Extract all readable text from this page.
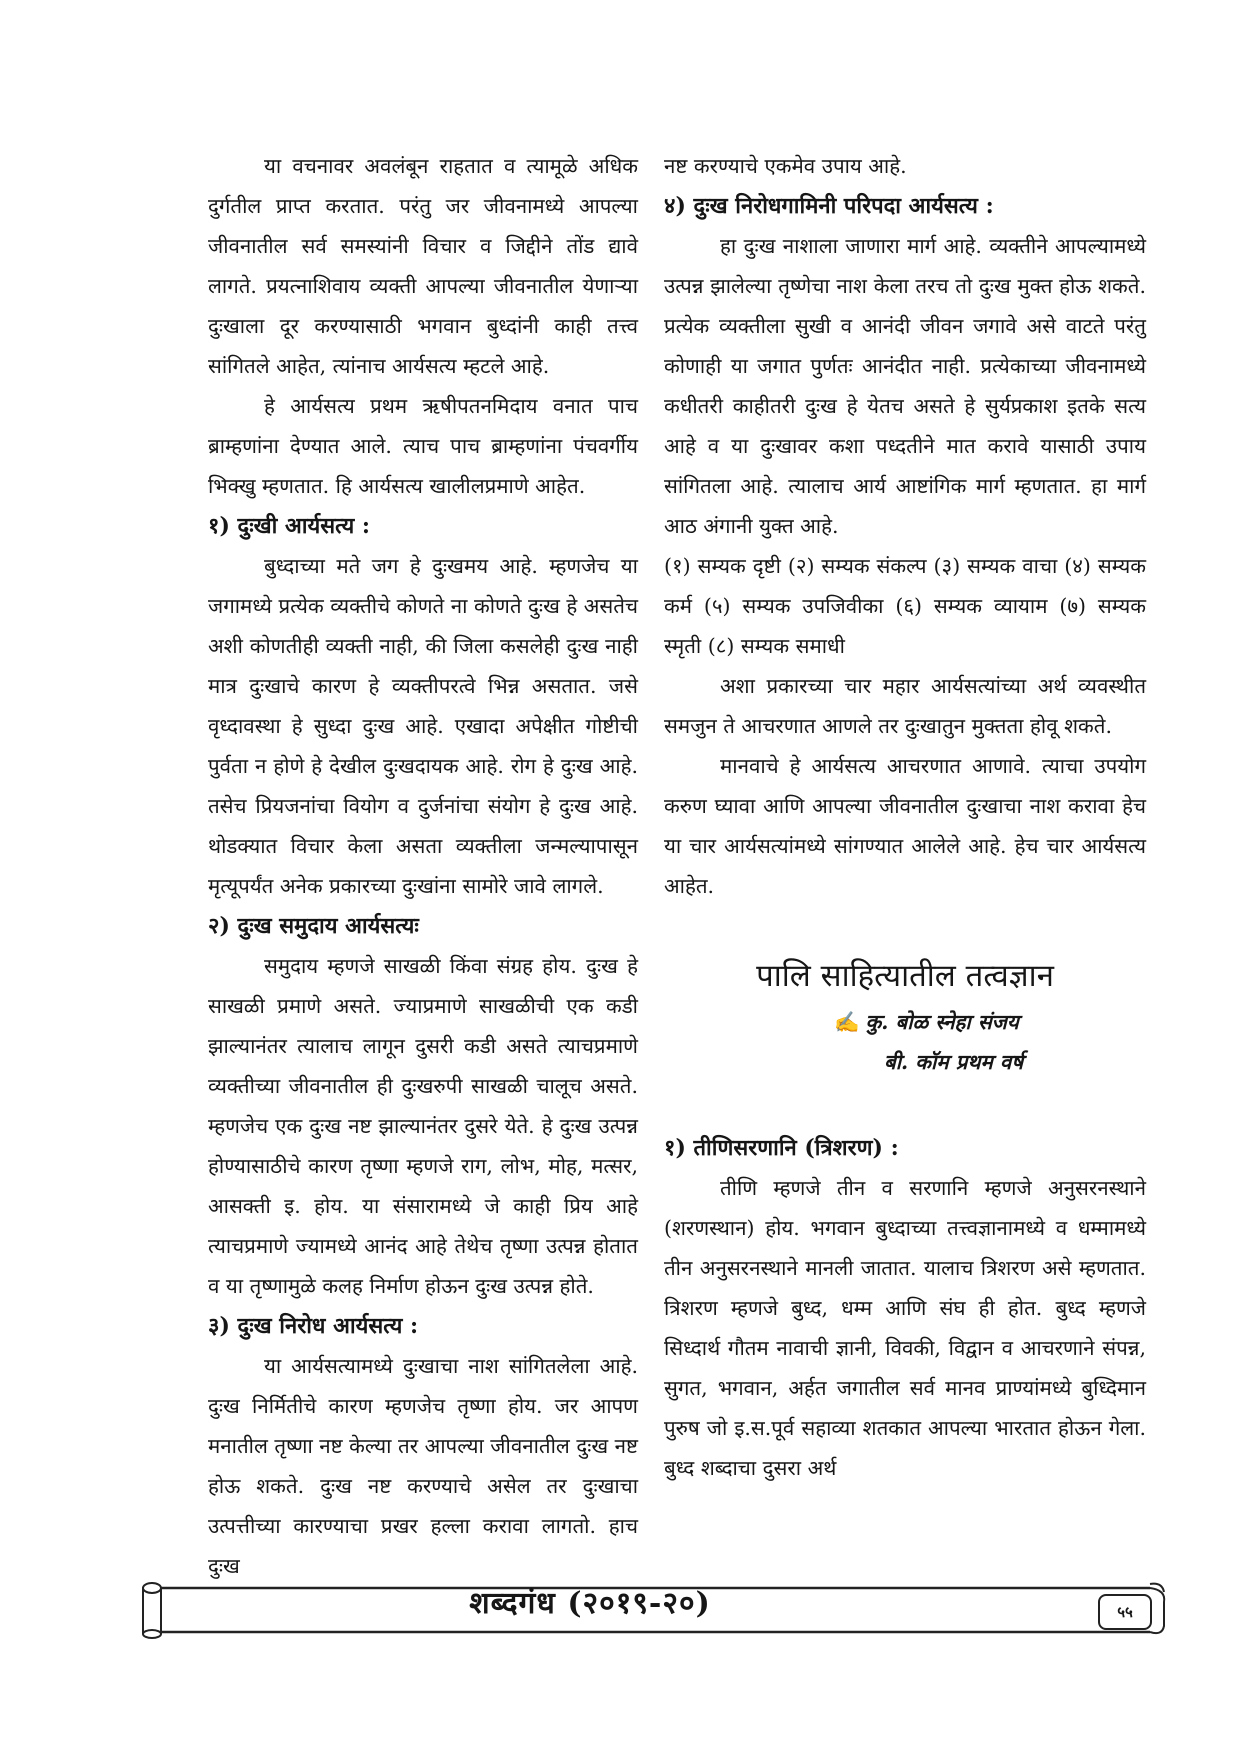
या वचनावर अवलंबून राहतात व त्यामूळे अधिक दुर्गतील प्राप्त करतात. परंतु जर जीवनामध्ये आपल्या जीवनातील सर्व समस्यांनी विचार व जिद्दीने तोंड द्यावे लागते. प्रयत्नाशिवाय व्यक्ती आपल्या जीवनातील येणाऱ्या दुःखाला दूर करण्यासाठी भगवान बुध्दांनी काही तत्त्व सांगितले आहेत, त्यांनाच आर्यसत्य म्हटले आहे.

हे आर्यसत्य प्रथम ऋषीपतनमिदाय वनात पाच ब्राम्हणांना देण्यात आले. त्याच पाच ब्राम्हणांना पंचवर्गीय भिक्खु म्हणतात. हि आर्यसत्य खालीलप्रमाणे आहेत.

१) दुःखी आर्यसत्य :

बुध्दाच्या मते जग हे दुःखमय आहे. म्हणजेच या जगामध्ये प्रत्येक व्यक्तीचे कोणते ना कोणते दुःख हे असतेच अशी कोणतीही व्यक्ती नाही, की जिला कसलेही दुःख नाही मात्र दुःखाचे कारण हे व्यक्तीपरत्वे भिन्न असतात. जसे वृध्दावस्था हे सुध्दा दुःख आहे. एखादा अपेक्षीत गोष्टीची पुर्वता न होणे हे देखील दुःखदायक आहे. रोग हे दुःख आहे. तसेच प्रियजनांचा वियोग व दुर्जनांचा संयोग हे दुःख आहे. थोडक्यात विचार केला असता व्यक्तीला जन्मल्यापासून मृत्यूपर्यंत अनेक प्रकारच्या दुःखांना सामोरे जावे लागले.

२) दुःख समुदाय आर्यसत्यः

समुदाय म्हणजे साखळी किंवा संग्रह होय. दुःख हे साखळी प्रमाणे असते. ज्याप्रमाणे साखळीची एक कडी झाल्यानंतर त्यालाच लागून दुसरी कडी असते त्याचप्रमाणे व्यक्तीच्या जीवनातील ही दुःखरुपी साखळी चालूच असते. म्हणजेच एक दुःख नष्ट झाल्यानंतर दुसरे येते. हे दुःख उत्पन्न होण्यासाठीचे कारण तृष्णा म्हणजे राग, लोभ, मोह, मत्सर, आसक्ती इ. होय. या संसारामध्ये जे काही प्रिय आहे त्याचप्रमाणे ज्यामध्ये आनंद आहे तेथेच तृष्णा उत्पन्न होतात व या तृष्णामुळे कलह निर्माण होऊन दुःख उत्पन्न होते.

३) दुःख निरोध आर्यसत्य :

या आर्यसत्यामध्ये दुःखाचा नाश सांगितलेला आहे. दुःख निर्मितीचे कारण म्हणजेच तृष्णा होय. जर आपण मनातील तृष्णा नष्ट केल्या तर आपल्या जीवनातील दुःख नष्ट होऊ शकते. दुःख नष्ट करण्याचे असेल तर दुःखाचा उत्पत्तीच्या कारण्याचा प्रखर हल्ला करावा लागतो. हाच दुःख

नष्ट करण्याचे एकमेव उपाय आहे.

४) दुःख निरोधगामिनी परिपदा आर्यसत्य :

हा दुःख नाशाला जाणारा मार्ग आहे. व्यक्तीने आपल्यामध्ये उत्पन्न झालेल्या तृष्णेचा नाश केला तरच तो दुःख मुक्त होऊ शकते. प्रत्येक व्यक्तीला सुखी व आनंदी जीवन जगावे असे वाटते परंतु कोणाही या जगात पुर्णतः आनंदीत नाही. प्रत्येकाच्या जीवनामध्ये कधीतरी काहीतरी दुःख हे येतच असते हे सुर्यप्रकाश इतके सत्य आहे व या दुःखावर कशा पध्दतीने मात करावे यासाठी उपाय सांगितला आहे. त्यालाच आर्य आष्टांगिक मार्ग म्हणतात. हा मार्ग आठ अंगानी युक्त आहे.

(१) सम्यक दृष्टी (२) सम्यक संकल्प (३) सम्यक वाचा (४) सम्यक कर्म (५) सम्यक उपजिवीका (६) सम्यक व्यायाम (७) सम्यक स्मृती (८) सम्यक समाधी

अशा प्रकारच्या चार महार आर्यसत्यांच्या अर्थ व्यवस्थीत समजुन ते आचरणात आणले तर दुःखातुन मुक्तता होवू शकते.

मानवाचे हे आर्यसत्य आचरणात आणावे. त्याचा उपयोग करुण घ्यावा आणि आपल्या जीवनातील दुःखाचा नाश करावा हेच या चार आर्यसत्यांमध्ये सांगण्यात आलेले आहे. हेच चार आर्यसत्य आहेत.

पालि साहित्यातील तत्वज्ञान

✍ कु. बोळ स्नेहा संजय

बी. कॉम प्रथम वर्ष

१) तीणिसरणानि (त्रिशरण) :

तीणि म्हणजे तीन व सरणानि म्हणजे अनुसरनस्थाने (शरणस्थान) होय. भगवान बुध्दाच्या तत्त्वज्ञानामध्ये व धम्मामध्ये तीन अनुसरनस्थाने मानली जातात. यालाच त्रिशरण असे म्हणतात. त्रिशरण म्हणजे बुध्द, धम्म आणि संघ ही होत. बुध्द म्हणजे सिध्दार्थ गौतम नावाची ज्ञानी, विवकी, विद्वान व आचरणाने संपन्न, सुगत, भगवान, अर्हत जगातील सर्व मानव प्राण्यांमध्ये बुध्दिमान पुरुष जो इ.स.पूर्व सहाव्या शतकात आपल्या भारतात होऊन गेला. बुध्द शब्दाचा दुसरा अर्थ

शब्दगंध (२०१९-२०)	५५
